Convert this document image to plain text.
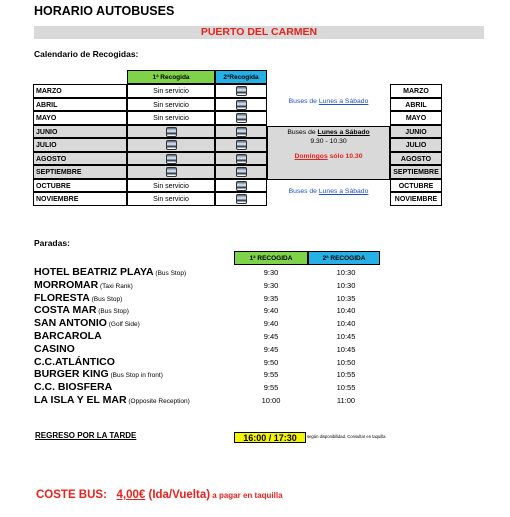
HORARIO AUTOBUSES
PUERTO DEL CARMEN
Calendario de Recogidas:
1ª Recogida	2ªRecogida
MARZO	Sin servicio	MARZO
ABRIL	Sin servicio	ABRIL
MAYO	Sin servicio	MAYO
JUNIO	JUNIO
JULIO	JULIO
AGOSTO	AGOSTO
SEPTIEMBRE	SEPTIEMBRE
OCTUBRE	Sin servicio	OCTUBRE
NOVIEMBRE	Sin servicio	NOVIEMBRE
Buses de Lunes a Sábado
Buses de Lunes a Sábado
9.30 - 10.30
Domingos sólo 10.30
Buses de Lunes a Sábado
Paradas:
1ª RECOGIDA	2ª RECOGIDA
HOTEL BEATRIZ PLAYA (Bus Stop)	9:30	10:30
MORROMAR (Taxi Rank)	9:30	10:30
FLORESTA (Bus Stop)	9:35	10:35
COSTA MAR (Bus Stop)	9:40	10:40
SAN ANTONIO (Golf Side)	9:40	10:40
BARCAROLA	9:45	10:45
CASINO	9:45	10:45
C.C.ATLÁNTICO	9:50	10:50
BURGER KING (Bus Stop in front)	9:55	10:55
C.C. BIOSFERA	9:55	10:55
LA ISLA Y EL MAR (Opposite Reception)	10:00	11:00
REGRESO POR LA TARDE	16:00 / 17:30	según disponibilidad. Consultar en taquilla
COSTE BUS: 4,00€ (Ida/Vuelta) a pagar en taquilla
